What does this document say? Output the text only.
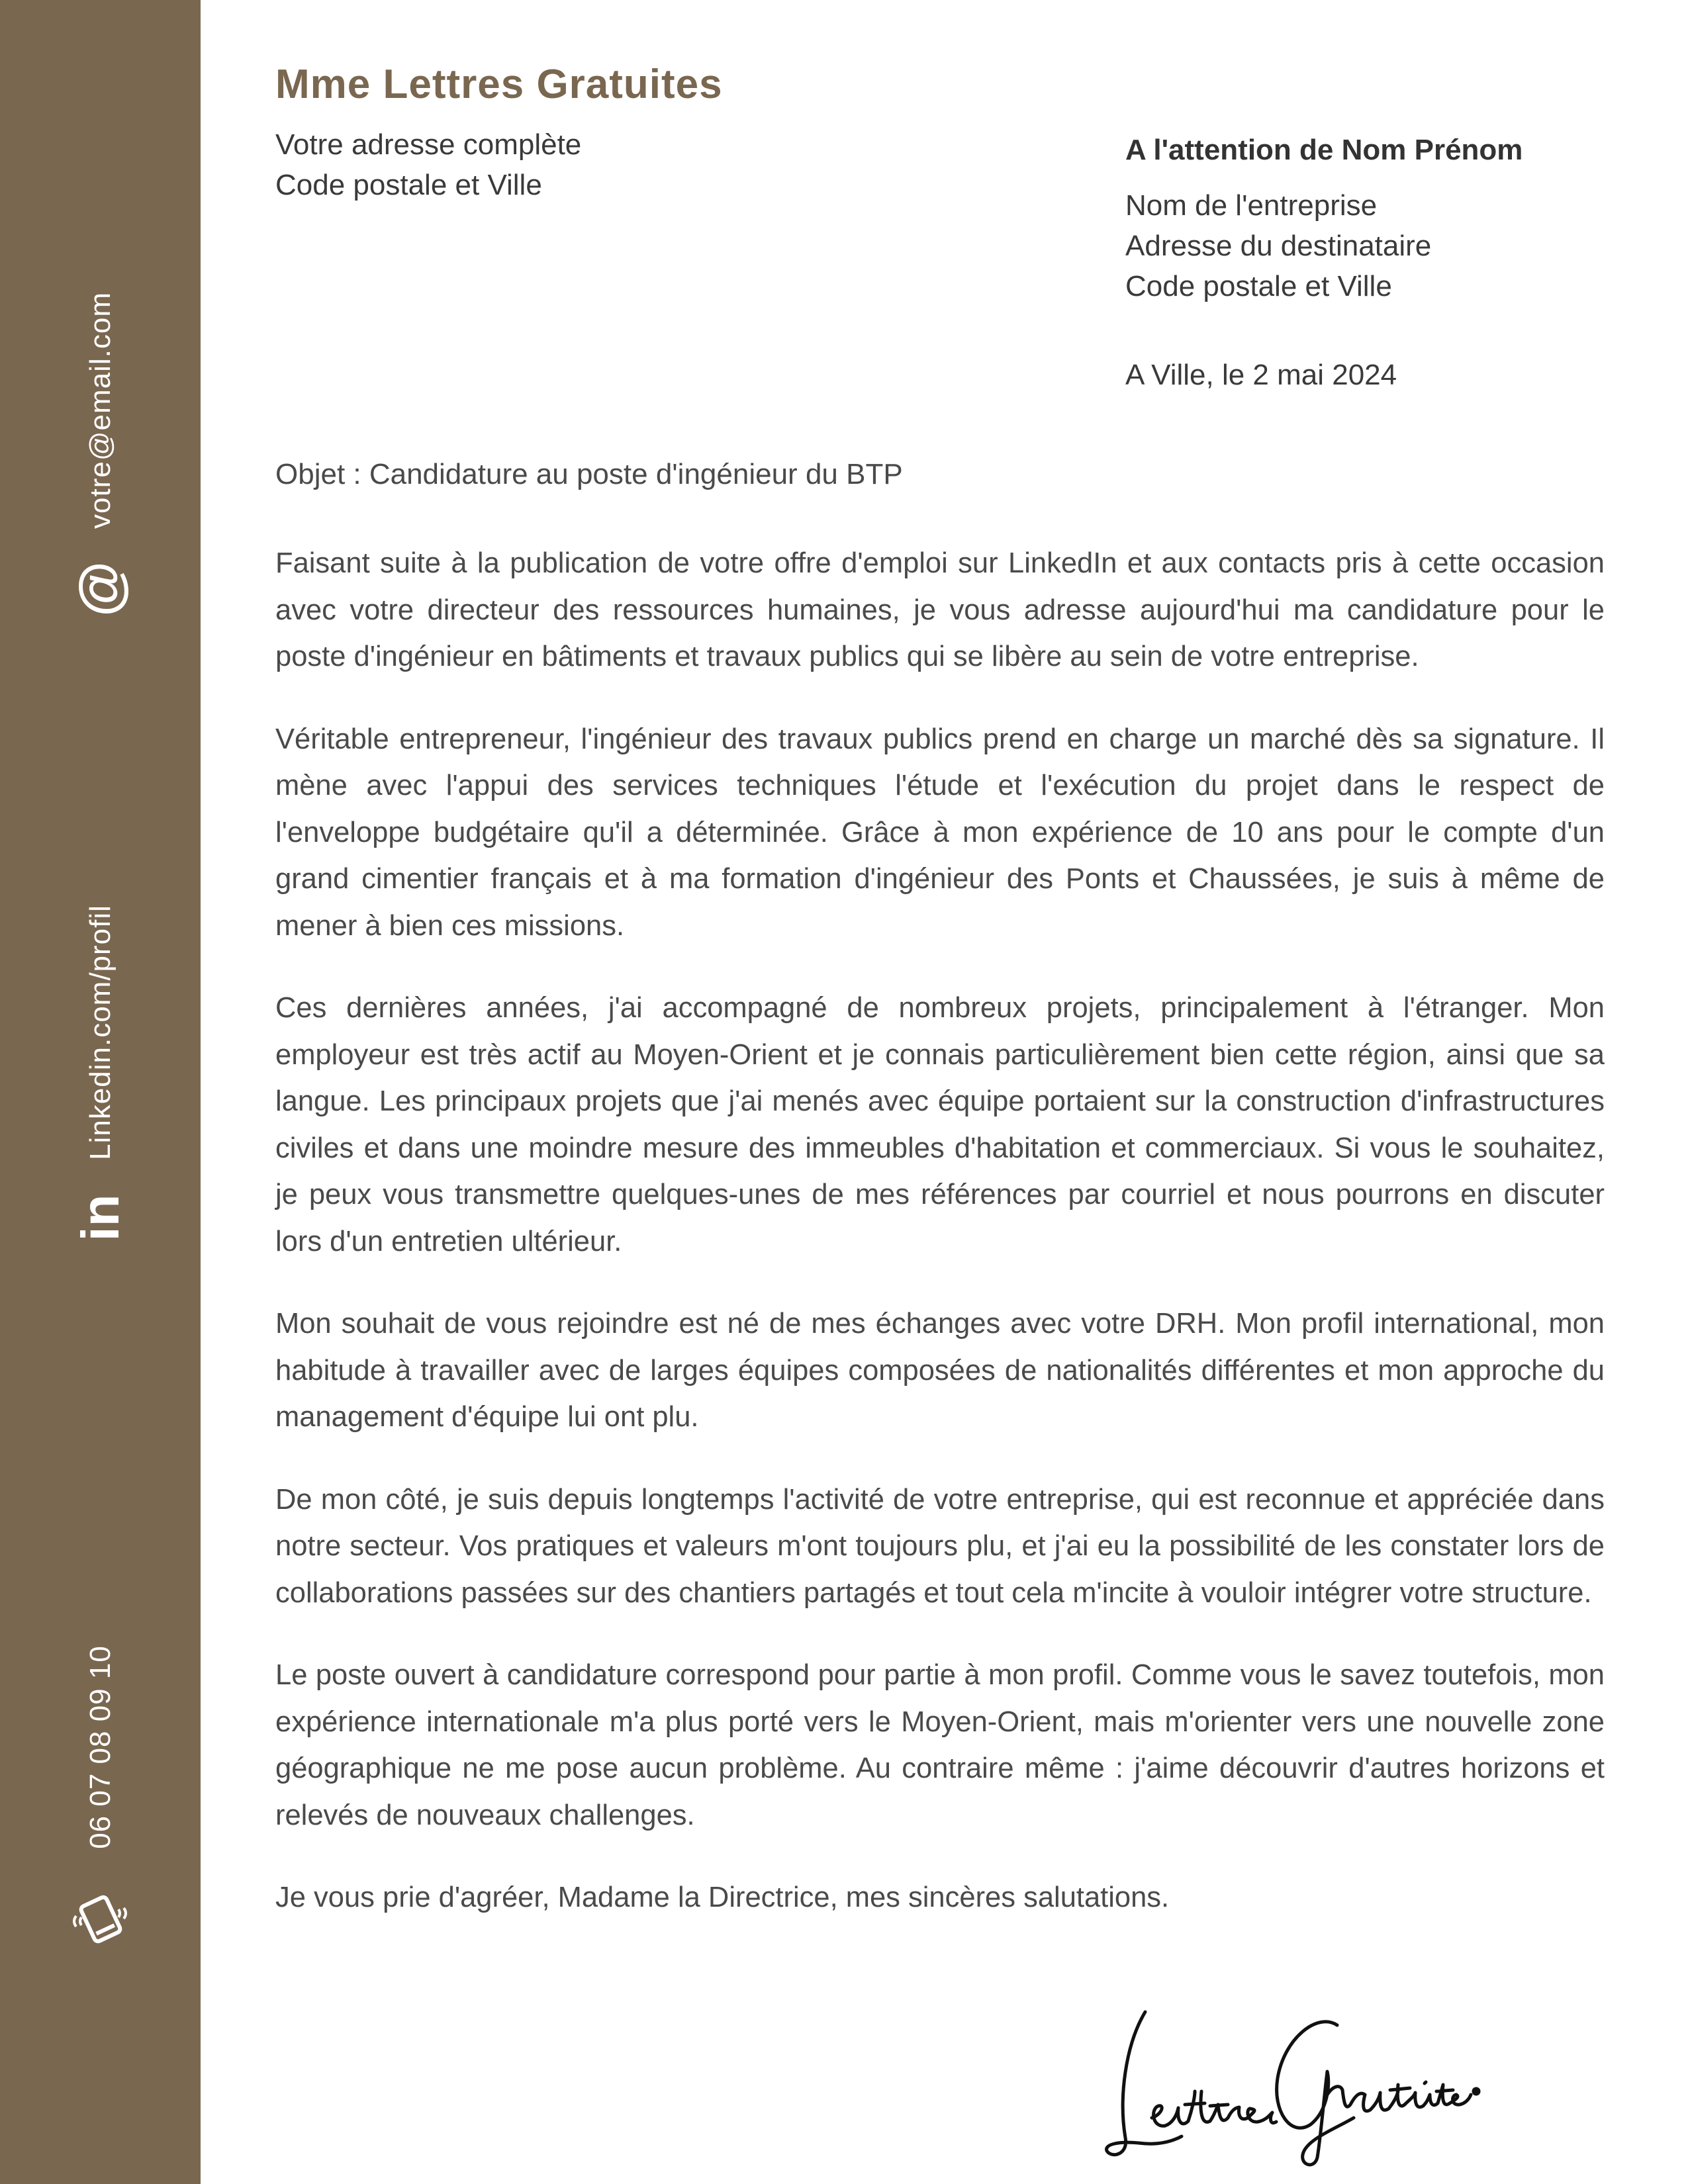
votre@email.com
@
Linkedin.com/profil
in
06 07 08 09 10
Mme Lettres Gratuites
Votre adresse complète
Code postale et Ville
A l'attention de Nom Prénom
Nom de l'entreprise
Adresse du destinataire
Code postale et Ville
A Ville, le 2 mai 2024
Objet : Candidature au poste d'ingénieur du BTP

Faisant suite à la publication de votre offre d'emploi sur LinkedIn et aux contacts pris à cette occasion avec votre directeur des ressources humaines, je vous adresse aujourd'hui ma candidature pour le poste d'ingénieur en bâtiments et travaux publics qui se libère au sein de votre entreprise.

Véritable entrepreneur, l'ingénieur des travaux publics prend en charge un marché dès sa signature. Il mène avec l'appui des services techniques l'étude et l'exécution du projet dans le respect de l'enveloppe budgétaire qu'il a déterminée. Grâce à mon expérience de 10 ans pour le compte d'un grand cimentier français et à ma formation d'ingénieur des Ponts et Chaussées, je suis à même de mener à bien ces missions.

Ces dernières années, j'ai accompagné de nombreux projets, principalement à l'étranger. Mon employeur est très actif au Moyen-Orient et je connais particulièrement bien cette région, ainsi que sa langue. Les principaux projets que j'ai menés avec équipe portaient sur la construction d'infrastructures civiles et dans une moindre mesure des immeubles d'habitation et commerciaux. Si vous le souhaitez, je peux vous transmettre quelques-unes de mes références par courriel et nous pourrons en discuter lors d'un entretien ultérieur.

Mon souhait de vous rejoindre est né de mes échanges avec votre DRH. Mon profil international, mon habitude à travailler avec de larges équipes composées de nationalités différentes et mon approche du management d'équipe lui ont plu.

De mon côté, je suis depuis longtemps l'activité de votre entreprise, qui est reconnue et appréciée dans notre secteur. Vos pratiques et valeurs m'ont toujours plu, et j'ai eu la possibilité de les constater lors de collaborations passées sur des chantiers partagés et tout cela m'incite à vouloir intégrer votre structure.

Le poste ouvert à candidature correspond pour partie à mon profil. Comme vous le savez toutefois, mon expérience internationale m'a plus porté vers le Moyen-Orient, mais m'orienter vers une nouvelle zone géographique ne me pose aucun problème. Au contraire même : j'aime découvrir d'autres horizons et relevés de nouveaux challenges.

Je vous prie d'agréer, Madame la Directrice, mes sincères salutations.
